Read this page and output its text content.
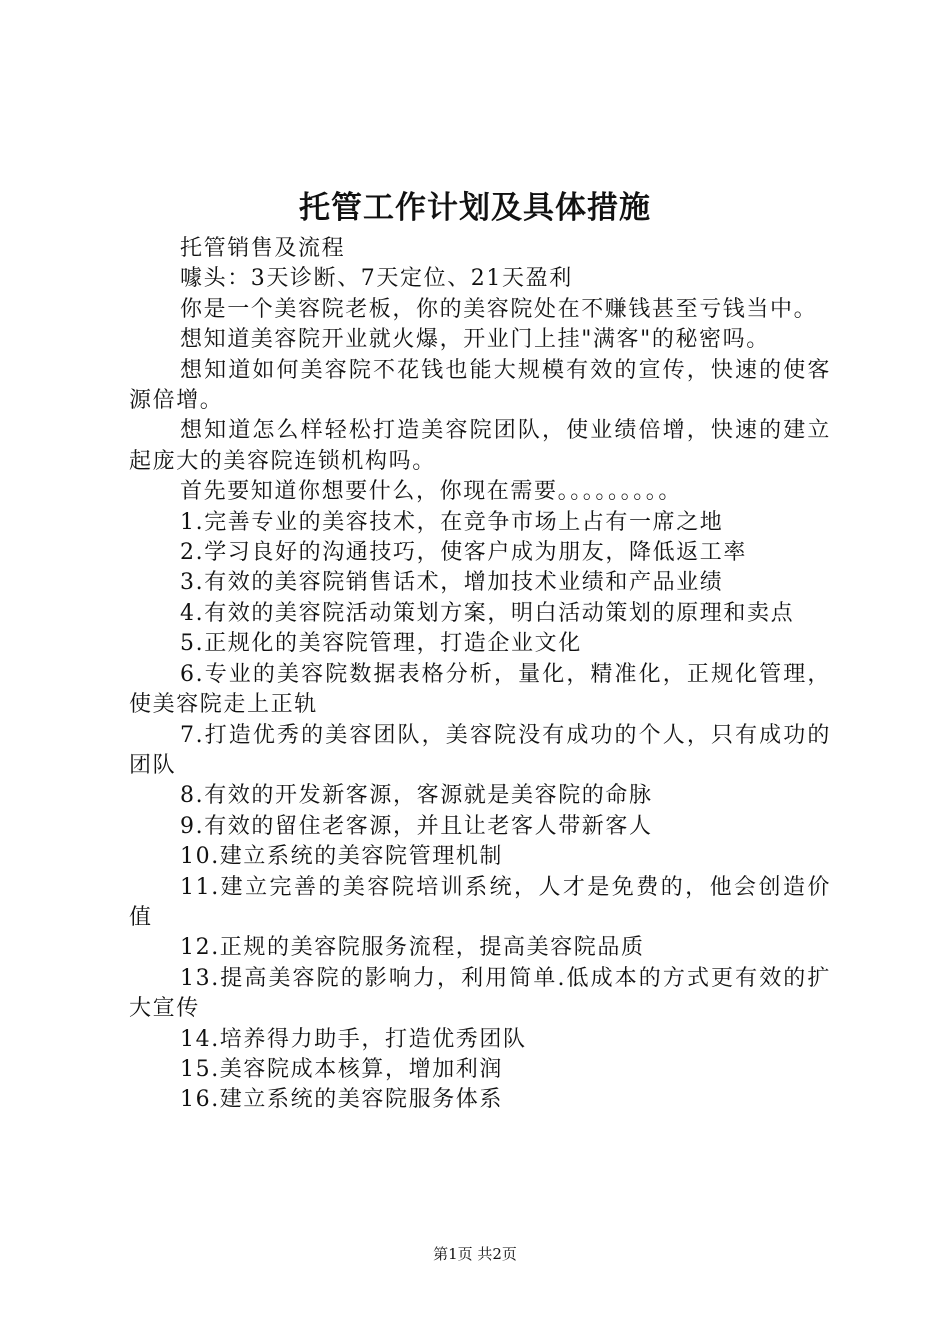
托管工作计划及具体措施

托管销售及流程

噱头：3天诊断、7天定位、21天盈利

你是一个美容院老板，你的美容院处在不赚钱甚至亏钱当中。

想知道美容院开业就火爆，开业门上挂"满客"的秘密吗。

想知道如何美容院不花钱也能大规模有效的宣传，快速的使客源倍增。

想知道怎么样轻松打造美容院团队，使业绩倍增，快速的建立起庞大的美容院连锁机构吗。

首先要知道你想要什么，你现在需要。。。。。。。。。

1.完善专业的美容技术，在竞争市场上占有一席之地

2.学习良好的沟通技巧，使客户成为朋友，降低返工率

3.有效的美容院销售话术，增加技术业绩和产品业绩

4.有效的美容院活动策划方案，明白活动策划的原理和卖点

5.正规化的美容院管理，打造企业文化

6.专业的美容院数据表格分析，量化，精准化，正规化管理，使美容院走上正轨

7.打造优秀的美容团队，美容院没有成功的个人，只有成功的团队

8.有效的开发新客源，客源就是美容院的命脉

9.有效的留住老客源，并且让老客人带新客人

10.建立系统的美容院管理机制

11.建立完善的美容院培训系统，人才是免费的，他会创造价值

12.正规的美容院服务流程，提高美容院品质

13.提高美容院的影响力，利用简单.低成本的方式更有效的扩大宣传

14.培养得力助手，打造优秀团队

15.美容院成本核算，增加利润

16.建立系统的美容院服务体系

第1页 共2页
